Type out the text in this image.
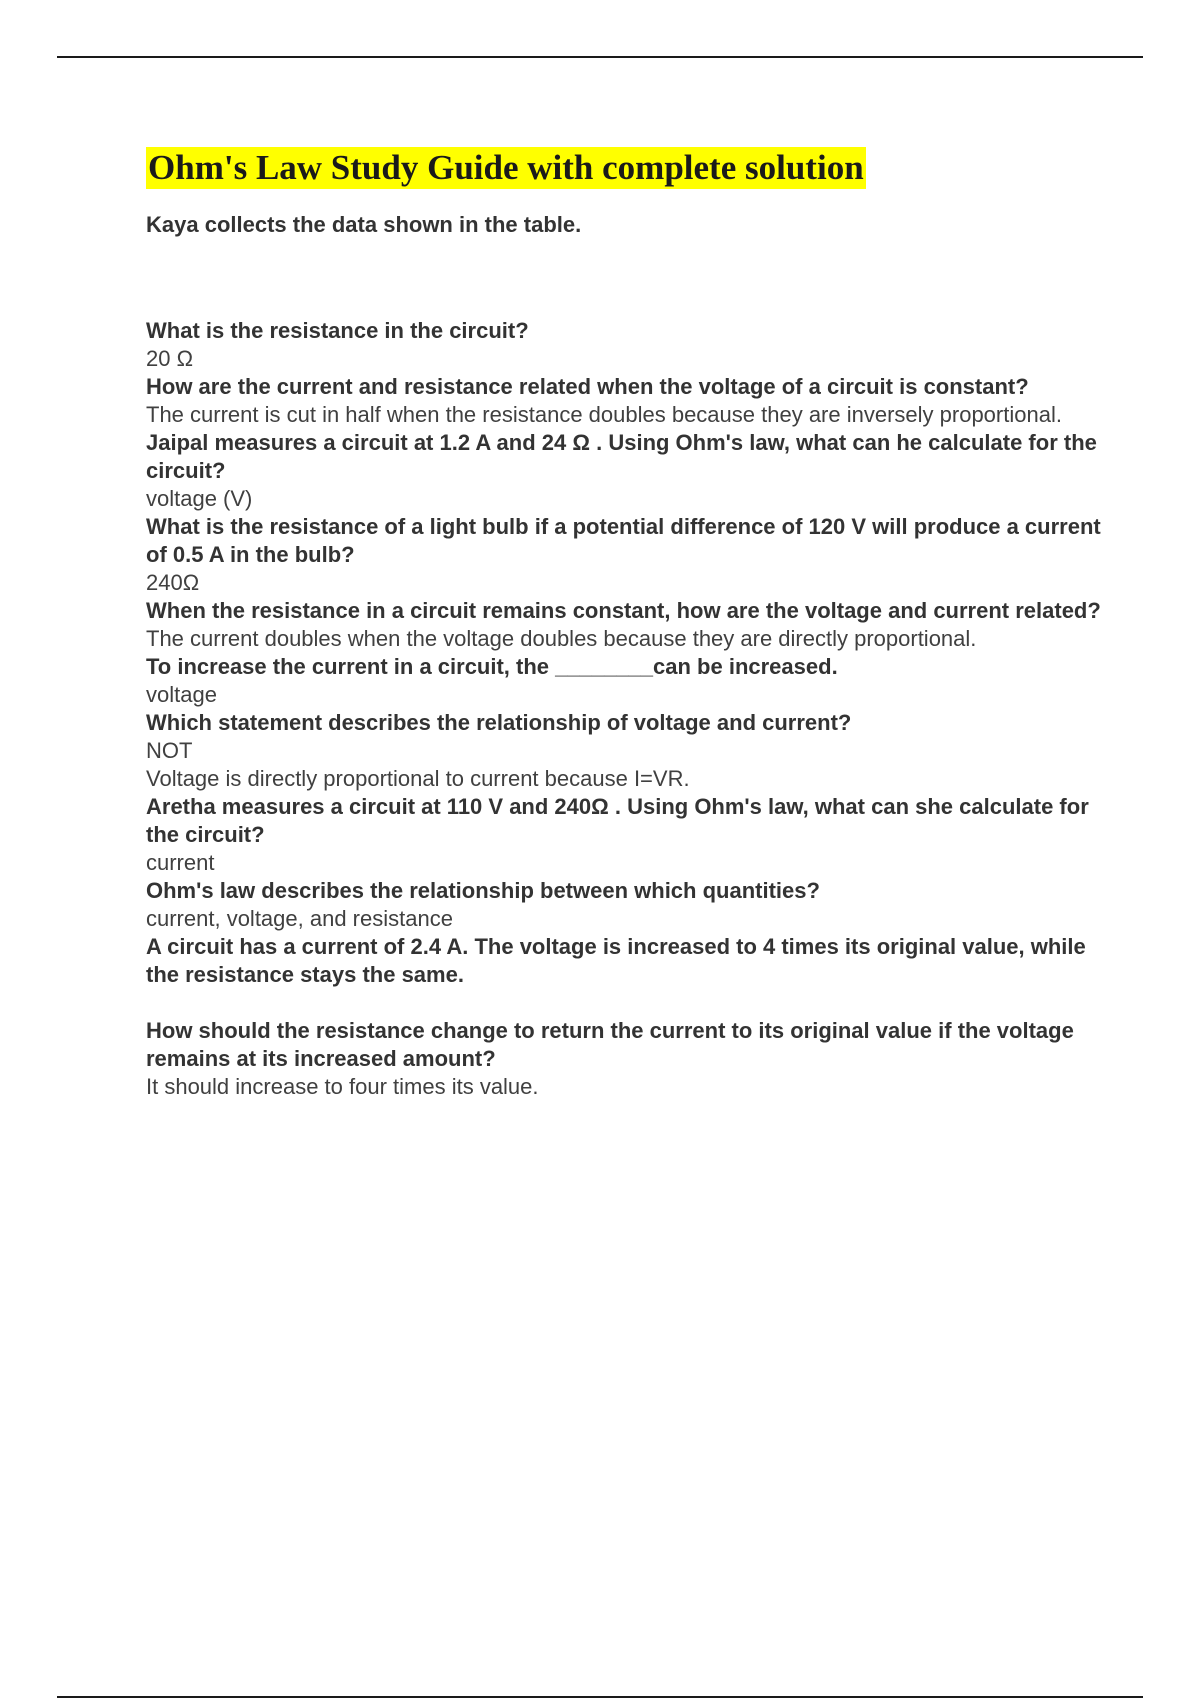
Ohm's Law Study Guide with complete solution
Kaya collects the data shown in the table.
What is the resistance in the circuit?
20 Ω
How are the current and resistance related when the voltage of a circuit is constant?
The current is cut in half when the resistance doubles because they are inversely proportional.
Jaipal measures a circuit at 1.2 A and 24 Ω . Using Ohm's law, what can he calculate for the circuit?
voltage (V)
What is the resistance of a light bulb if a potential difference of 120 V will produce a current of 0.5 A in the bulb?
240Ω
When the resistance in a circuit remains constant, how are the voltage and current related?
The current doubles when the voltage doubles because they are directly proportional.
To increase the current in a circuit, the ________can be increased.
voltage
Which statement describes the relationship of voltage and current?
NOT
Voltage is directly proportional to current because I=VR.
Aretha measures a circuit at 110 V and 240Ω . Using Ohm's law, what can she calculate for the circuit?
current
Ohm's law describes the relationship between which quantities?
current, voltage, and resistance
A circuit has a current of 2.4 A. The voltage is increased to 4 times its original value, while the resistance stays the same.
How should the resistance change to return the current to its original value if the voltage remains at its increased amount?
It should increase to four times its value.
